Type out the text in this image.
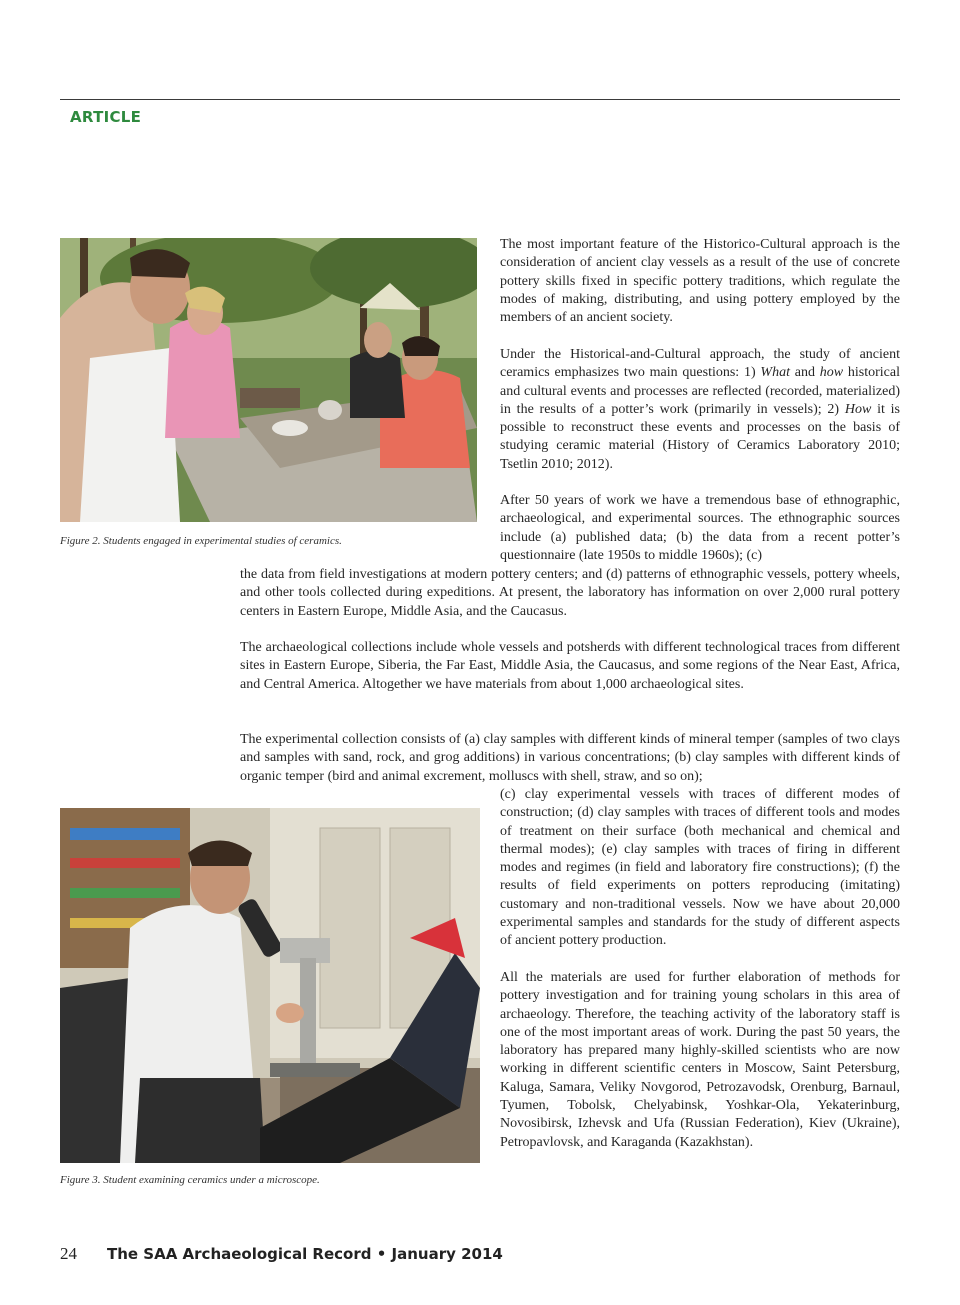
ARTICLE
Figure 2. Students engaged in experimental studies of ceramics.
Figure 3. Student examining ceramics under a microscope.

The most important feature of the Historico-Cultural approach is the consideration of ancient clay vessels as a result of the use of concrete pottery skills fixed in specific pottery traditions, which regulate the modes of making, distributing, and using pottery employed by the members of an ancient society.

Under the Historical-and-Cultural approach, the study of ancient ceramics emphasizes two main questions: 1) What and how historical and cultural events and processes are reflected (recorded, materialized) in the results of a potter’s work (primarily in vessels); 2) How it is possible to reconstruct these events and processes on the basis of studying ceramic material (History of Ceramics Laboratory 2010; Tsetlin 2010; 2012).

After 50 years of work we have a tremendous base of ethnographic, archaeological, and experimental sources. The ethnographic sources include (a) published data; (b) the data from a recent potter’s questionnaire (late 1950s to middle 1960s); (c)

the data from field investigations at modern pottery centers; and (d) patterns of ethnographic vessels, pottery wheels, and other tools collected during expeditions. At present, the laboratory has information on over 2,000 rural pottery centers in Eastern Europe, Middle Asia, and the Caucasus.

The archaeological collections include whole vessels and potsherds with different technological traces from different sites in Eastern Europe, Siberia, the Far East, Middle Asia, the Caucasus, and some regions of the Near East, Africa, and Central America. Altogether we have materials from about 1,000 archaeological sites.

The experimental collection consists of (a) clay samples with different kinds of mineral temper (samples of two clays and samples with sand, rock, and grog additions) in various concentrations; (b) clay samples with different kinds of organic temper (bird and animal excrement, molluscs with shell, straw, and so on);

(c) clay experimental vessels with traces of different modes of construction; (d) clay samples with traces of different tools and modes of treatment on their surface (both mechanical and chemical and thermal modes); (e) clay samples with traces of firing in different modes and regimes (in field and laboratory fire constructions); (f) the results of field experiments on potters reproducing (imitating) customary and non-traditional vessels. Now we have about 20,000 experimental samples and standards for the study of different aspects of ancient pottery production.

All the materials are used for further elaboration of methods for pottery investigation and for training young scholars in this area of archaeology. Therefore, the teaching activity of the laboratory staff is one of the most important areas of work. During the past 50 years, the laboratory has prepared many highly-skilled scientists who are now working in different scientific centers in Moscow, Saint Petersburg, Kaluga, Samara, Veliky Novgorod, Petrozavodsk, Orenburg, Barnaul, Tyumen, Tobolsk, Chelyabinsk, Yoshkar-Ola, Yekaterinburg, Novosibirsk, Izhevsk and Ufa (Russian Federation), Kiev (Ukraine), Petropavlovsk, and Karaganda (Kazakhstan).

24 The SAA Archaeological Record • January 2014
